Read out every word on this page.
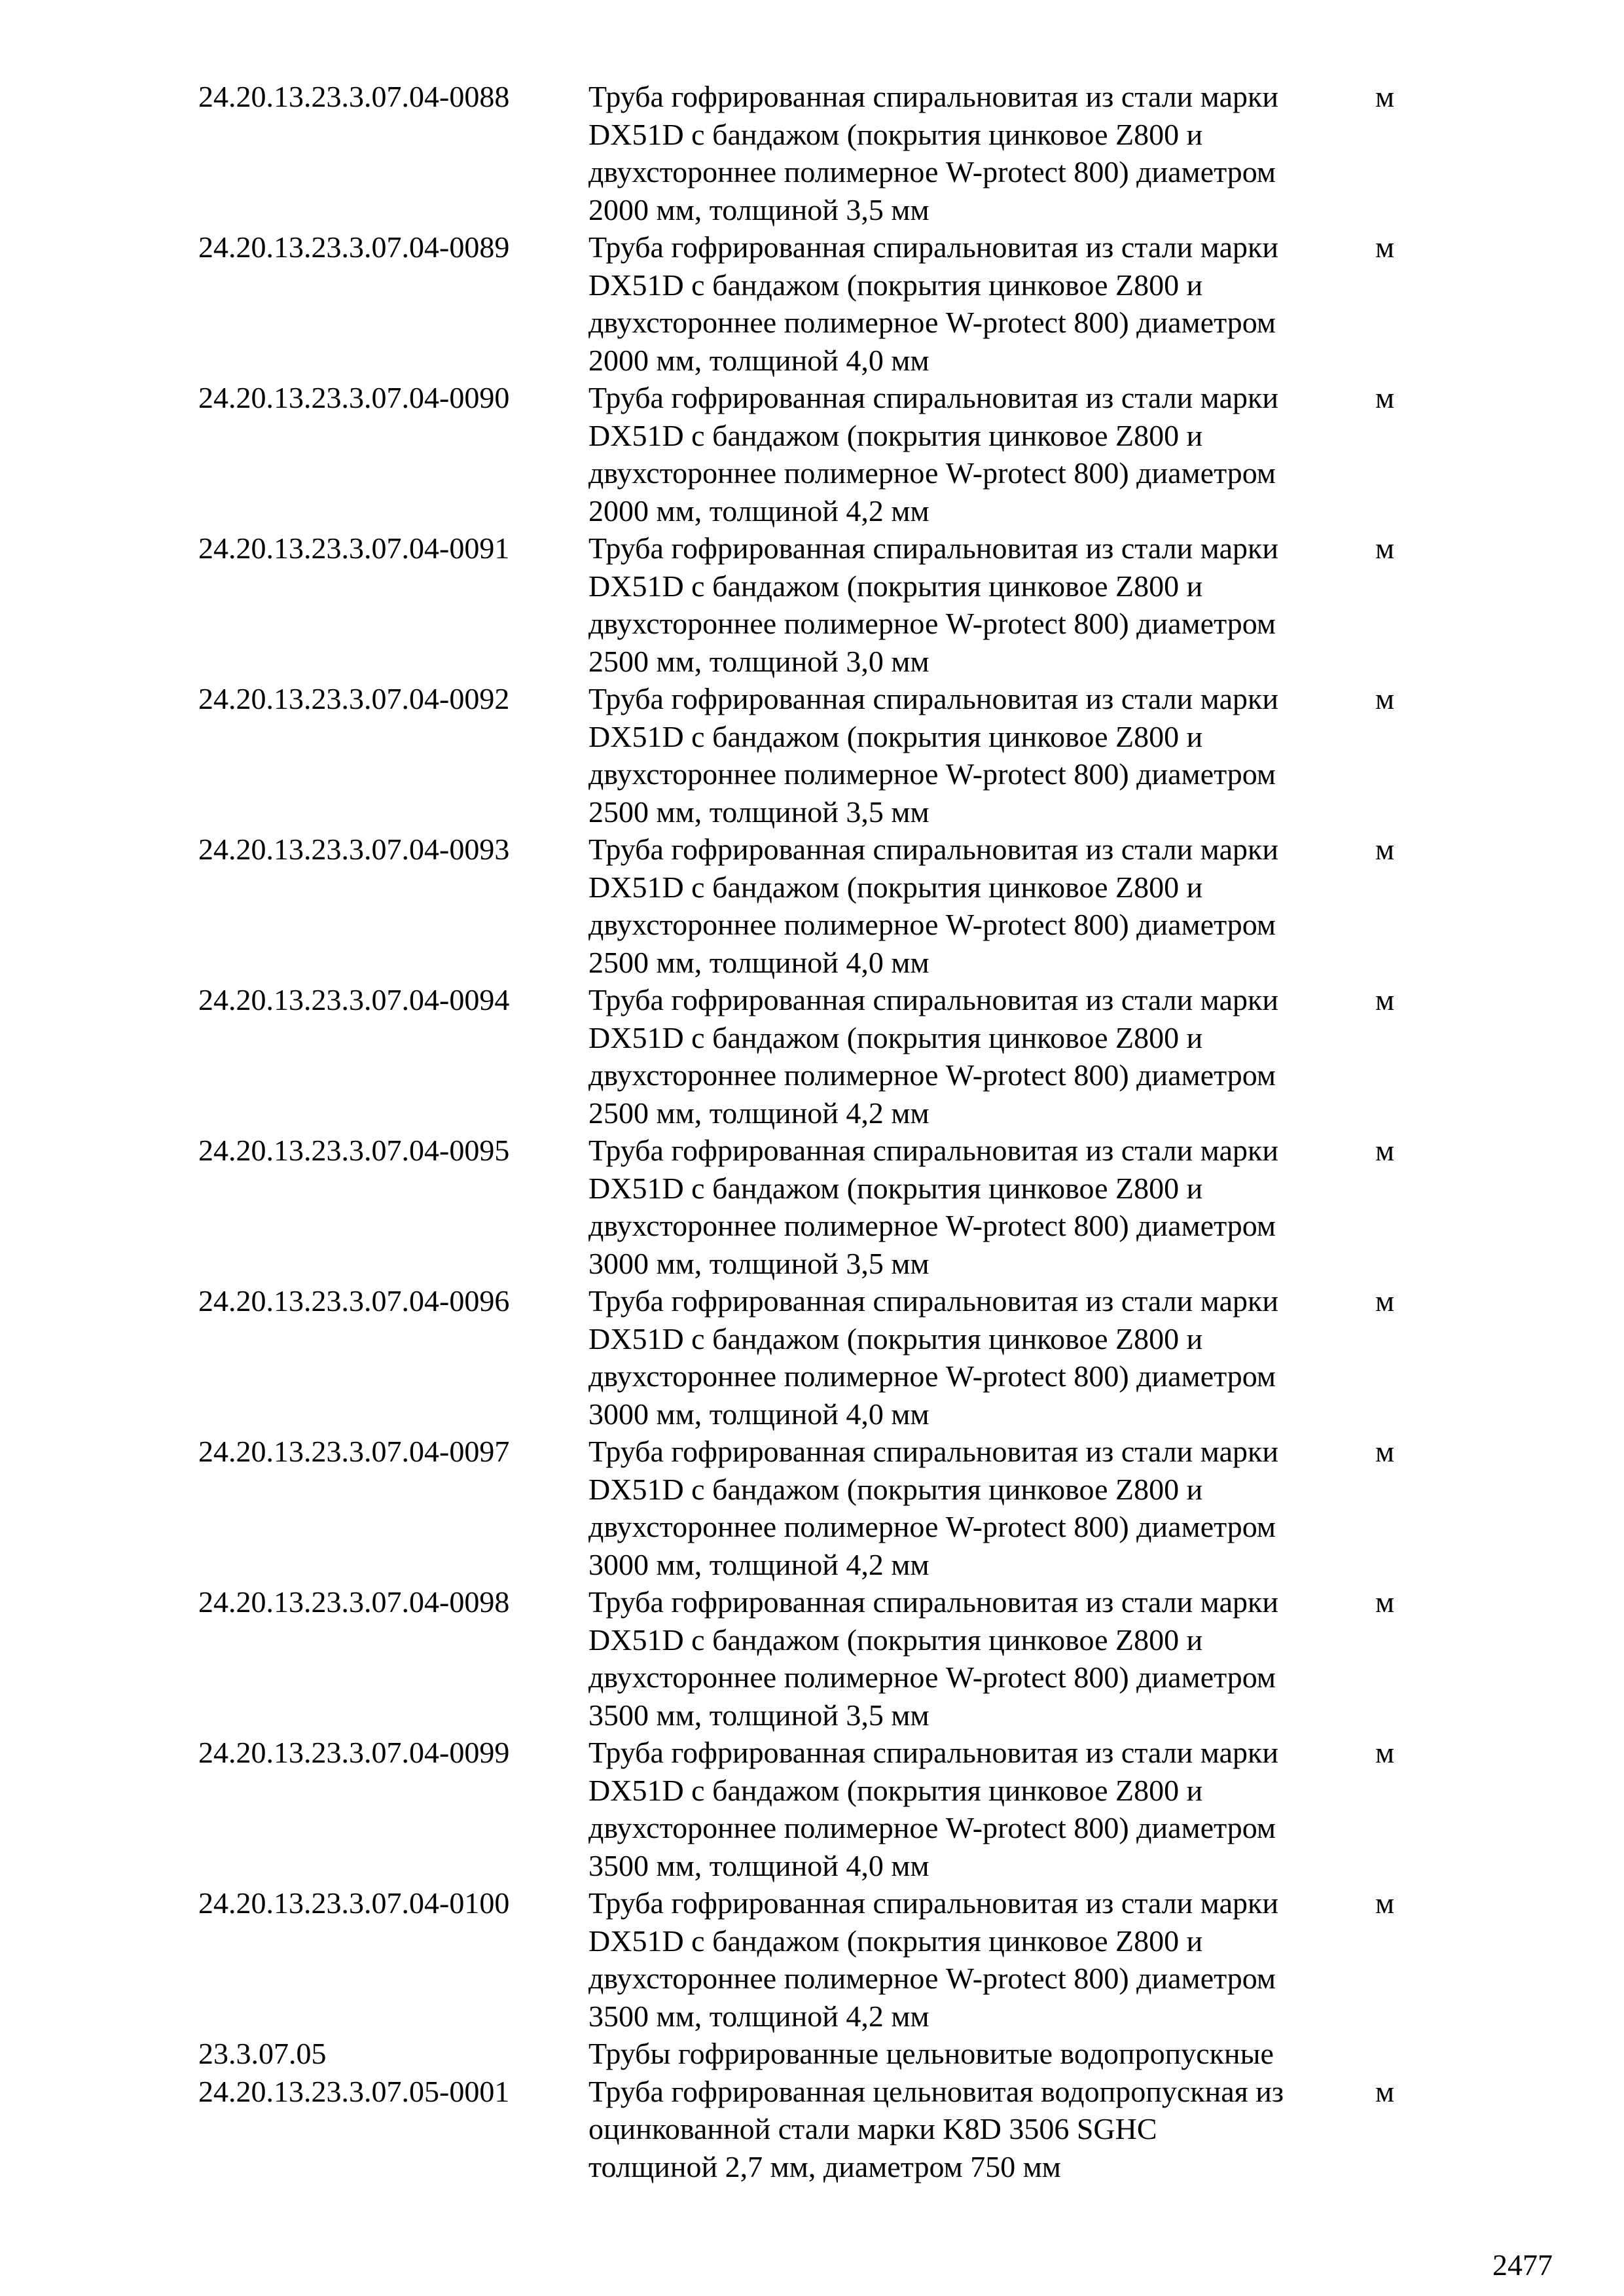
24.20.13.23.3.07.04-0088	Труба гофрированная спиральновитая из стали марки
DX51D с бандажом (покрытия цинковое Z800 и
двухстороннее полимерное W-protect 800) диаметром
2000 мм, толщиной 3,5 мм
м
24.20.13.23.3.07.04-0089	Труба гофрированная спиральновитая из стали марки
DX51D с бандажом (покрытия цинковое Z800 и
двухстороннее полимерное W-protect 800) диаметром
2000 мм, толщиной 4,0 мм
м
24.20.13.23.3.07.04-0090	Труба гофрированная спиральновитая из стали марки
DX51D с бандажом (покрытия цинковое Z800 и
двухстороннее полимерное W-protect 800) диаметром
2000 мм, толщиной 4,2 мм
м
24.20.13.23.3.07.04-0091	Труба гофрированная спиральновитая из стали марки
DX51D с бандажом (покрытия цинковое Z800 и
двухстороннее полимерное W-protect 800) диаметром
2500 мм, толщиной 3,0 мм
м
24.20.13.23.3.07.04-0092	Труба гофрированная спиральновитая из стали марки
DX51D с бандажом (покрытия цинковое Z800 и
двухстороннее полимерное W-protect 800) диаметром
2500 мм, толщиной 3,5 мм
м
24.20.13.23.3.07.04-0093	Труба гофрированная спиральновитая из стали марки
DX51D с бандажом (покрытия цинковое Z800 и
двухстороннее полимерное W-protect 800) диаметром
2500 мм, толщиной 4,0 мм
м
24.20.13.23.3.07.04-0094	Труба гофрированная спиральновитая из стали марки
DX51D с бандажом (покрытия цинковое Z800 и
двухстороннее полимерное W-protect 800) диаметром
2500 мм, толщиной 4,2 мм
м
24.20.13.23.3.07.04-0095	Труба гофрированная спиральновитая из стали марки
DX51D с бандажом (покрытия цинковое Z800 и
двухстороннее полимерное W-protect 800) диаметром
3000 мм, толщиной 3,5 мм
м
24.20.13.23.3.07.04-0096	Труба гофрированная спиральновитая из стали марки
DX51D с бандажом (покрытия цинковое Z800 и
двухстороннее полимерное W-protect 800) диаметром
3000 мм, толщиной 4,0 мм
м
24.20.13.23.3.07.04-0097	Труба гофрированная спиральновитая из стали марки
DX51D с бандажом (покрытия цинковое Z800 и
двухстороннее полимерное W-protect 800) диаметром
3000 мм, толщиной 4,2 мм
м
24.20.13.23.3.07.04-0098	Труба гофрированная спиральновитая из стали марки
DX51D с бандажом (покрытия цинковое Z800 и
двухстороннее полимерное W-protect 800) диаметром
3500 мм, толщиной 3,5 мм
м
24.20.13.23.3.07.04-0099	Труба гофрированная спиральновитая из стали марки
DX51D с бандажом (покрытия цинковое Z800 и
двухстороннее полимерное W-protect 800) диаметром
3500 мм, толщиной 4,0 мм
м
24.20.13.23.3.07.04-0100	Труба гофрированная спиральновитая из стали марки
DX51D с бандажом (покрытия цинковое Z800 и
двухстороннее полимерное W-protect 800) диаметром
3500 мм, толщиной 4,2 мм
м
23.3.07.05	Трубы гофрированные цельновитые водопропускные
24.20.13.23.3.07.05-0001	Труба гофрированная цельновитая водопропускная из
оцинкованной стали марки K8D 3506 SGHC
толщиной 2,7 мм, диаметром 750 мм
м
2477
